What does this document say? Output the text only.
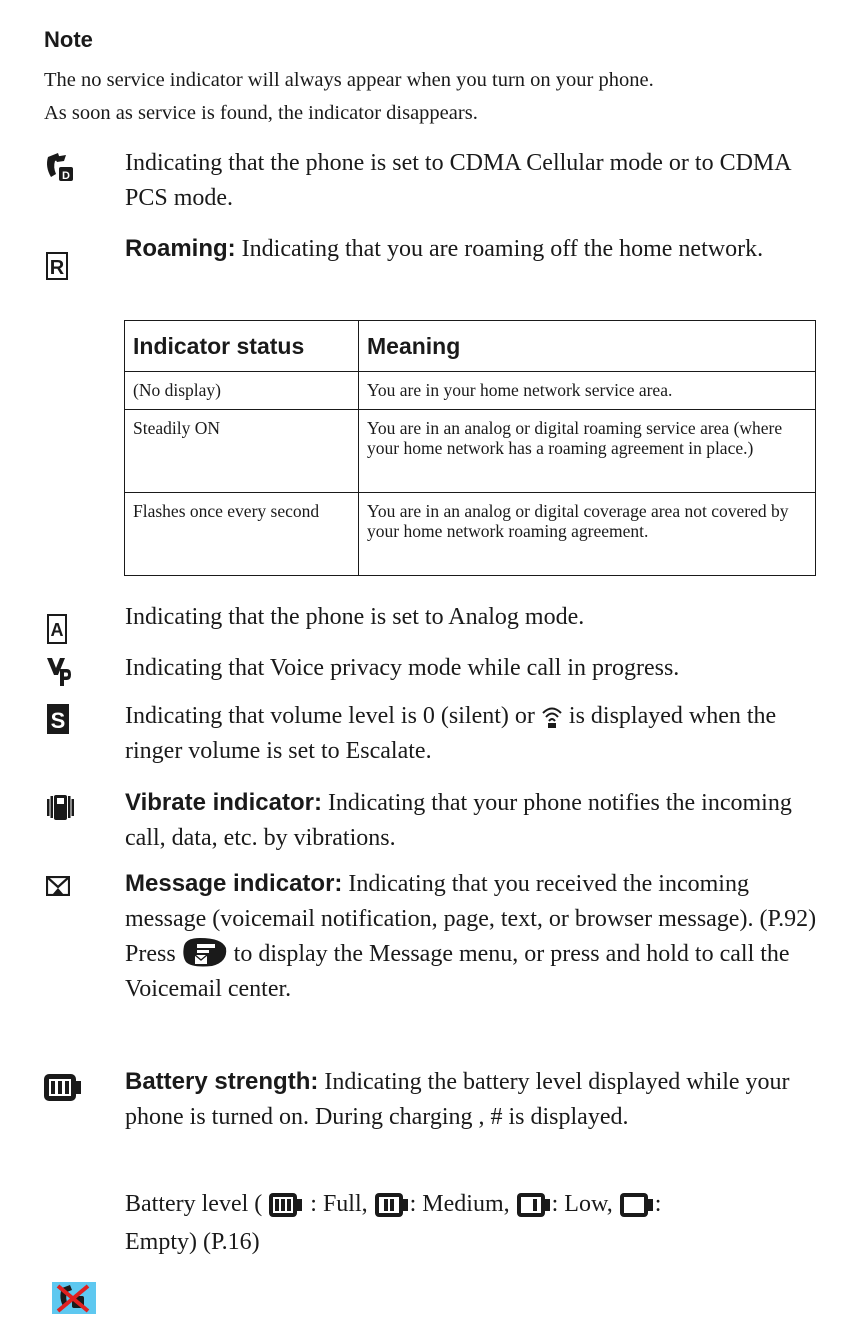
Note
The no service indicator will always appear when you turn on your phone.
As soon as service is found, the indicator disappears.
D Indicating that the phone is set to CDMA Cellular mode or to CDMA PCS mode.
R
Roaming: Indicating that you are roaming off the home network.
Indicator status	Meaning
(No display)	You are in your home network service area.
Steadily ON	You are in an analog or digital roaming service area (where your home network has a roaming agreement in place.)
Flashes once every second	You are in an analog or digital coverage area not covered by your home network roaming agreement.
A	Indicating that the phone is set to Analog mode.
Indicating that Voice privacy mode while call in progress.
S Indicating that volume level is 0 (silent) or  is displayed when the ringer volume is set to Escalate.
Vibrate indicator: Indicating that your phone notifies the incoming call, data, etc. by vibrations.
Message indicator: Indicating that you received the incoming message (voicemail notification, page, text, or browser message). (P.92)
Press  to display the Message menu, or press and hold to call the Voicemail center.
Battery strength: Indicating the battery level displayed while your phone is turned on. During charging , # is displayed.
Battery level (  : Full, : Medium, : Low, :
Empty) (P.16)
